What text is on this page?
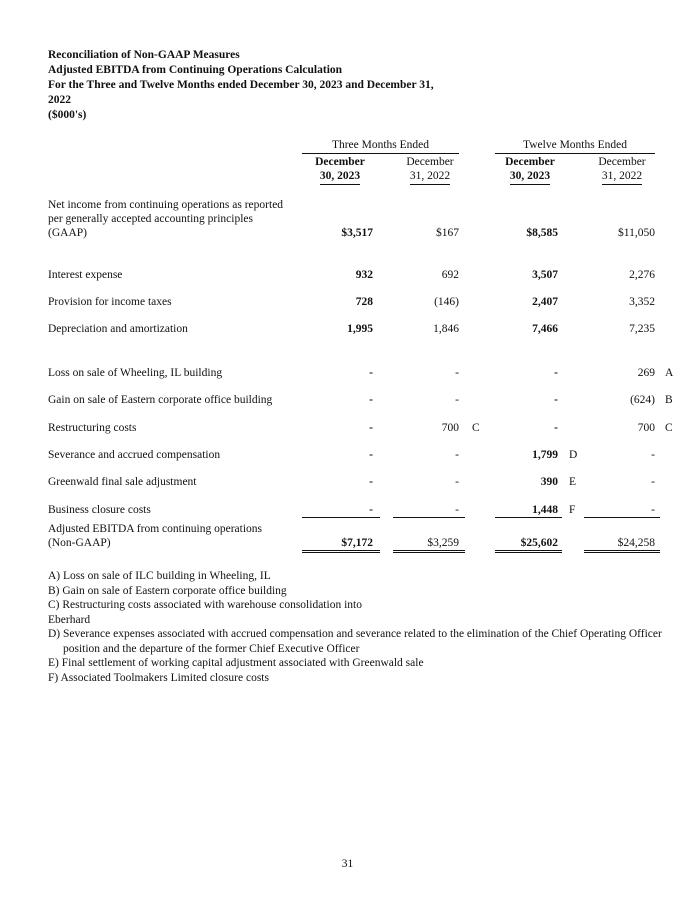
Reconciliation of Non-GAAP Measures
Adjusted EBITDA from Continuing Operations Calculation
For the Three and Twelve Months ended December 30, 2023 and December 31,
2022
($000's)
Three Months Ended	Twelve Months Ended
December
30, 2023
December
31, 2022
December
30, 2023
December
31, 2022
Net income from continuing operations as reported
per generally accepted accounting principles
(GAAP)	$3,517	$167	$8,585	$11,050
Interest expense	932	692	3,507	2,276
Provision for income taxes	728	(146)	2,407	3,352
Depreciation and amortization	1,995	1,846	7,466	7,235
Loss on sale of Wheeling, IL building	-	-	-	269 A
Gain on sale of Eastern corporate office building	-	-	-	(624) B
Restructuring costs	-	700 C	-	700 C
Severance and accrued compensation	-	-	1,799 D	-
Greenwald final sale adjustment	-	-	390 E	-
Business closure costs	-	-	1,448 F	-
Adjusted EBITDA from continuing operations
(Non-GAAP)	$7,172	$3,259	$25,602	$24,258
A) Loss on sale of ILC building in Wheeling, IL
B) Gain on sale of Eastern corporate office building
C) Restructuring costs associated with warehouse consolidation into
Eberhard
D) Severance expenses associated with accrued compensation and severance related to the elimination of the Chief Operating Officer
position and the departure of the former Chief Executive Officer
E) Final settlement of working capital adjustment associated with Greenwald sale
F) Associated Toolmakers Limited closure costs
31
